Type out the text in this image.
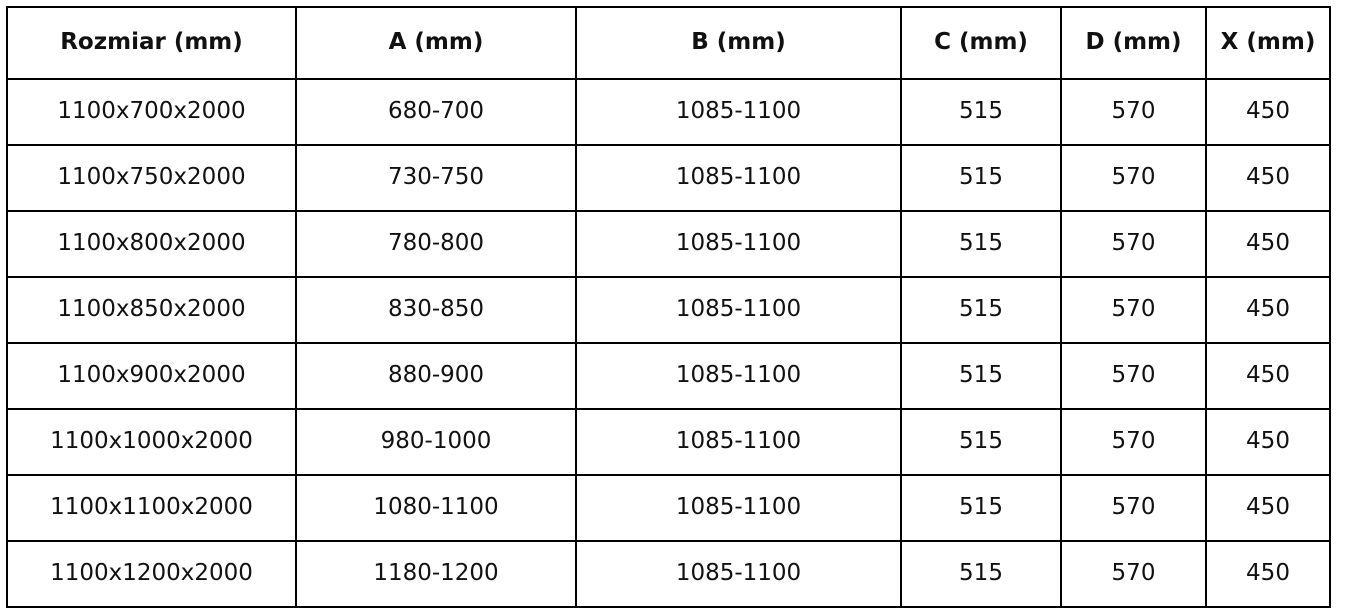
Rozmiar (mm)	A (mm)	B (mm)	C (mm)	D (mm)	X (mm)
1100x700x2000	680-700	1085-1100	515	570	450
1100x750x2000	730-750	1085-1100	515	570	450
1100x800x2000	780-800	1085-1100	515	570	450
1100x850x2000	830-850	1085-1100	515	570	450
1100x900x2000	880-900	1085-1100	515	570	450
1100x1000x2000	980-1000	1085-1100	515	570	450
1100x1100x2000	1080-1100	1085-1100	515	570	450
1100x1200x2000	1180-1200	1085-1100	515	570	450
